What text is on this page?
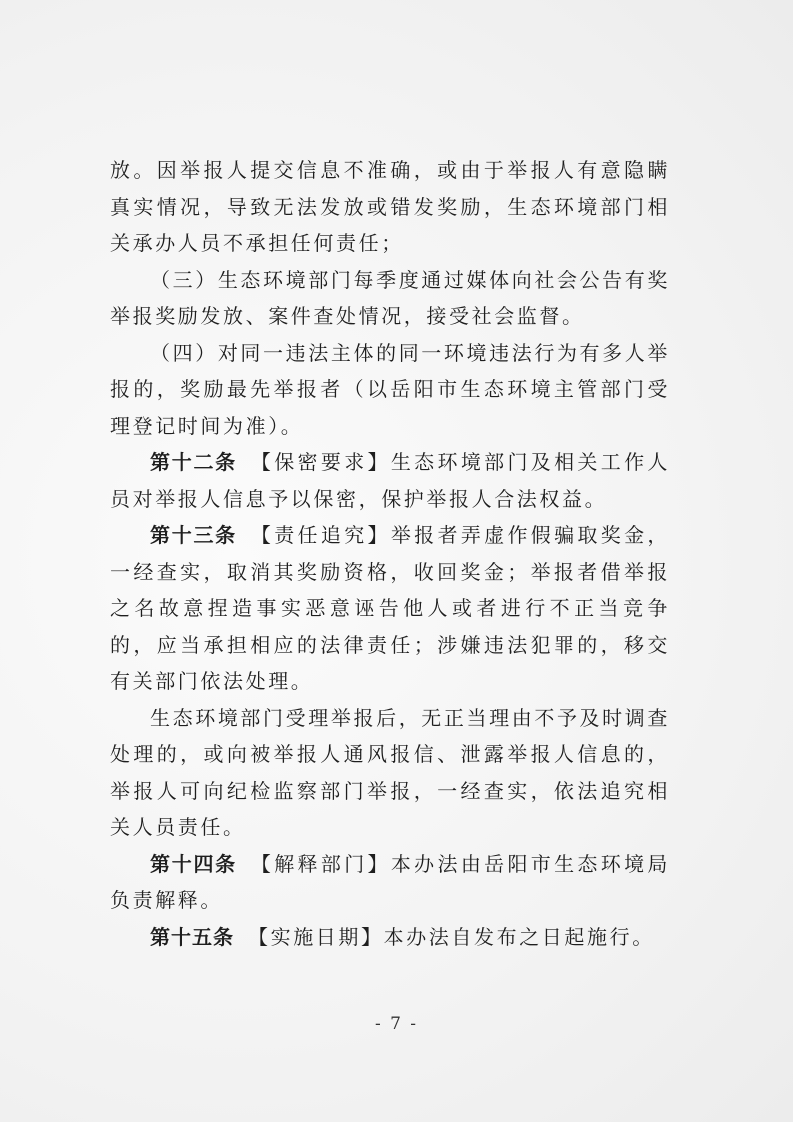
放。因举报人提交信息不准确，或由于举报人有意隐瞒真实情况，导致无法发放或错发奖励，生态环境部门相关承办人员不承担任何责任；

（三）生态环境部门每季度通过媒体向社会公告有奖举报奖励发放、案件查处情况，接受社会监督。

（四）对同一违法主体的同一环境违法行为有多人举报的，奖励最先举报者（以岳阳市生态环境主管部门受理登记时间为准）。

第十二条 【保密要求】生态环境部门及相关工作人员对举报人信息予以保密，保护举报人合法权益。

第十三条 【责任追究】举报者弄虚作假骗取奖金，一经查实，取消其奖励资格，收回奖金；举报者借举报之名故意捏造事实恶意诬告他人或者进行不正当竞争的，应当承担相应的法律责任；涉嫌违法犯罪的，移交有关部门依法处理。

生态环境部门受理举报后，无正当理由不予及时调查处理的，或向被举报人通风报信、泄露举报人信息的，举报人可向纪检监察部门举报，一经查实，依法追究相关人员责任。

第十四条 【解释部门】本办法由岳阳市生态环境局负责解释。

第十五条 【实施日期】本办法自发布之日起施行。

- 7 -
